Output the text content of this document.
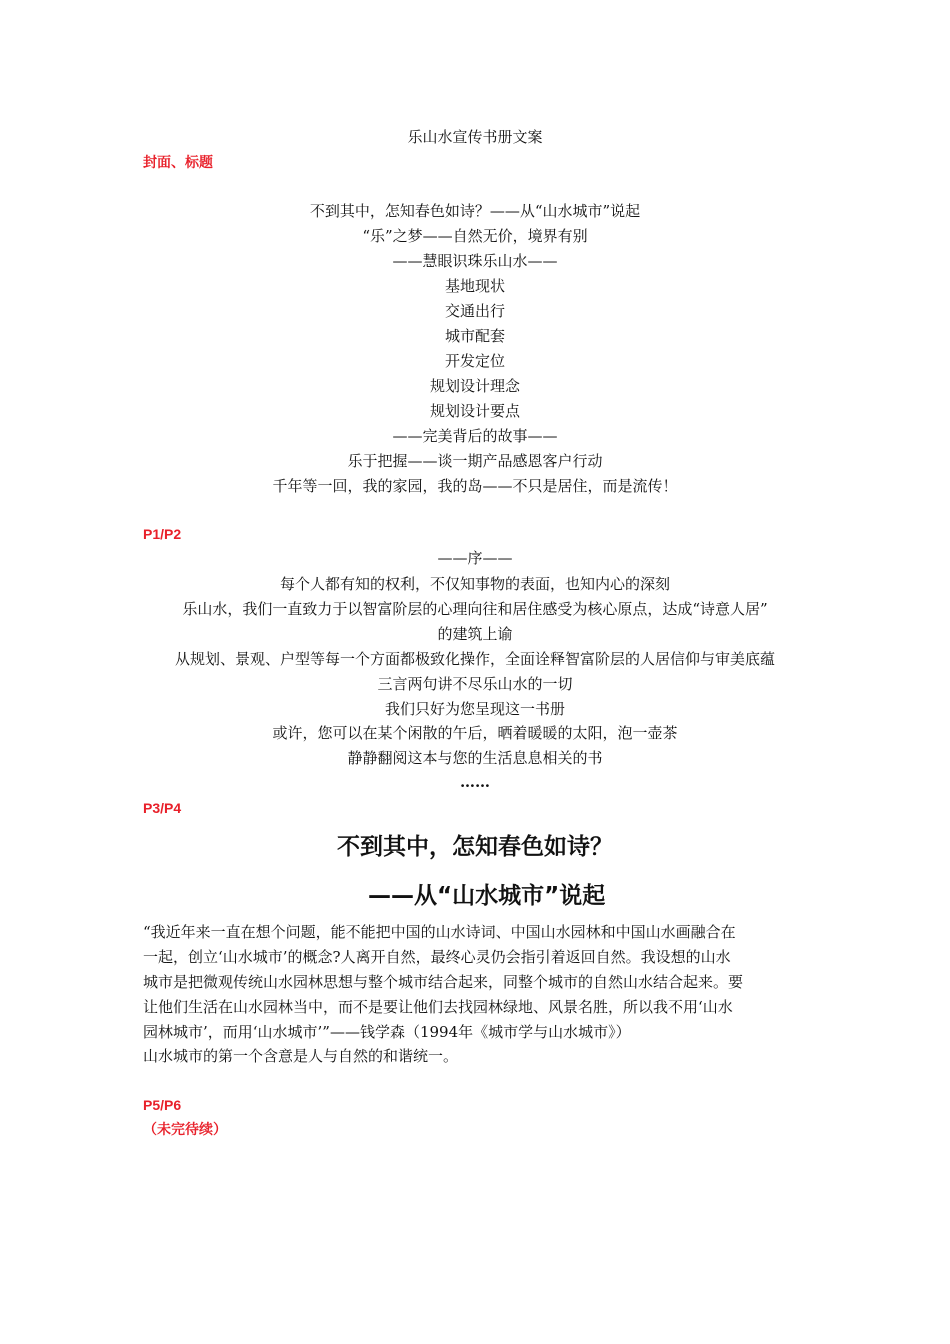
乐山水宣传书册文案
封面、标题
不到其中，怎知春色如诗？——从“山水城市”说起
“乐”之梦——自然无价，境界有别
——慧眼识珠乐山水——
基地现状
交通出行
城市配套
开发定位
规划设计理念
规划设计要点
——完美背后的故事——
乐于把握——谈一期产品感恩客户行动
千年等一回，我的家园，我的岛——不只是居住，而是流传！
P1/P2
——序——
每个人都有知的权利，不仅知事物的表面，也知内心的深刻
乐山水，我们一直致力于以智富阶层的心理向往和居住感受为核心原点，达成“诗意人居”
的建筑上谕
从规划、景观、户型等每一个方面都极致化操作，全面诠释智富阶层的人居信仰与审美底蕴
三言两句讲不尽乐山水的一切
我们只好为您呈现这一书册
或许，您可以在某个闲散的午后，晒着暖暖的太阳，泡一壶茶
静静翻阅这本与您的生活息息相关的书
……
P3/P4
不到其中，怎知春色如诗？
——从“山水城市”说起
“我近年来一直在想个问题，能不能把中国的山水诗词、中国山水园林和中国山水画融合在
一起，创立‘山水城市’的概念?人离开自然，最终心灵仍会指引着返回自然。我设想的山水
城市是把微观传统山水园林思想与整个城市结合起来，同整个城市的自然山水结合起来。要
让他们生活在山水园林当中，而不是要让他们去找园林绿地、风景名胜，所以我不用‘山水
园林城市’，而用‘山水城市’”——钱学森（1994年《城市学与山水城市》）
山水城市的第一个含意是人与自然的和谐统一。
P5/P6
（未完待续）
